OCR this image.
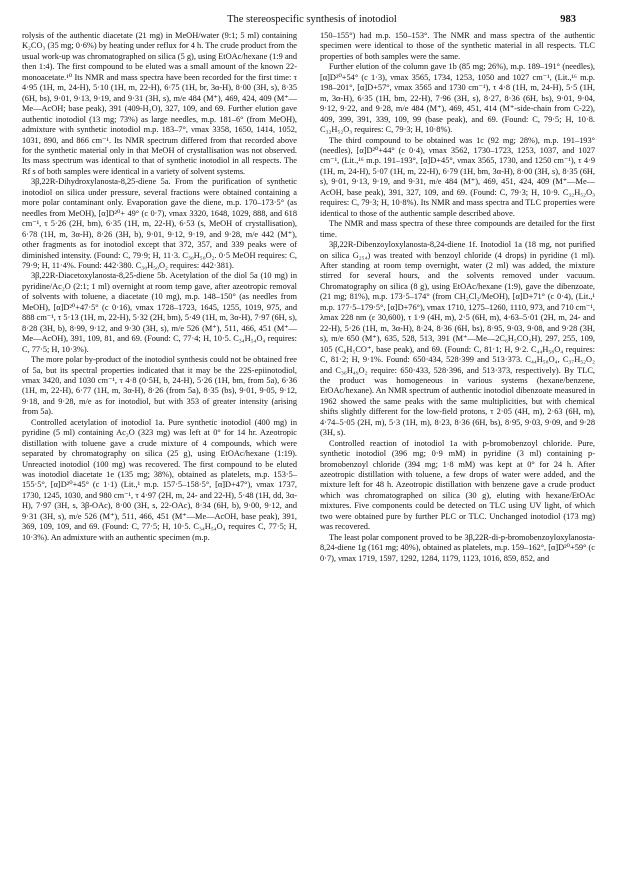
The stereospecific synthesis of inotodiol	983

rolysis of the authentic diacetate (21 mg) in MeOH/water (9:1; 5 ml) containing K₂CO₃ (35 mg; 0·6%) by heating under reflux for 4 h. The crude product from the usual work-up was chromatographed on silica (5 g), using EtOAc/hexane (1:9 and then 1:4). The first compound to be eluted was a small amount of the known 22-monoacetate.¹⁰ Its NMR and mass spectra have been recorded for the first time: τ 4·95 (1H, m, 24-H), 5·10 (1H, m, 22-H), 6·75 (1H, br, 3α-H), 8·00 (3H, s), 8·35 (6H, bs), 9·01, 9·13, 9·19, and 9·31 (3H, s), m/e 484 (M⁺), 469, 424, 409 (M⁺—Me—AcOH; base peak), 391 (409-H₂O), 327, 109, and 69. Further elution gave authentic inotodiol (13 mg; 73%) as large needles, m.p. 181–6° (from MeOH), admixture with synthetic inotodiol m.p. 183–7°, νmax 3358, 1650, 1414, 1052, 1031, 890, and 866 cm⁻¹. Its NMR spectrum differed from that recorded above for the synthetic material only in that MeOH of crystallisation was not observed. Its mass spectrum was identical to that of synthetic inotodiol in all respects. The Rf s of both samples were identical in a variety of solvent systems.

3β,22R-Dihydroxylanosta-8,25-diene 5a. From the purification of synthetic inotodiol on silica under pressure, several fractions were obtained containing a more polar contaminant only. Evaporation gave the diene, m.p. 170–173·5° (as needles from MeOH), [α]D²⁰+ 49° (c 0·7), νmax 3320, 1648, 1029, 888, and 618 cm⁻¹, τ 5·26 (2H, bm), 6·35 (1H, m, 22-H), 6·53 (s, MeOH of crystallisation), 6·78 (1H, m, 3α-H), 8·26 (3H, b), 9·01, 9·12, 9·19, and 9·28, m/e 442 (M⁺), other fragments as for inotodiol except that 372, 357, and 339 peaks were of diminished intensity. (Found: C, 79·9; H, 11·3. C₃₀H₅₀O₂. 0·5 MeOH requires: C, 79·9; H, 11·4%. Found: 442·380. C₃₀H₅₀O₂ requires: 442·381).

3β,22R-Diacetoxylanosta-8,25-diene 5b. Acetylation of the diol 5a (10 mg) in pyridine/Ac₂O (2:1; 1 ml) overnight at room temp gave, after azeotropic removal of solvents with toluene, a diacetate (10 mg), m.p. 148–150° (as needles from MeOH), [α]D²⁰+47·5° (c 0·16), νmax 1728–1723, 1645, 1255, 1019, 975, and 888 cm⁻¹, τ 5·13 (1H, m, 22-H), 5·32 (2H, bm), 5·49 (1H, m, 3α-H), 7·97 (6H, s), 8·28 (3H, b), 8·99, 9·12, and 9·30 (3H, s), m/e 526 (M⁺), 511, 466, 451 (M⁺—Me—AcOH), 391, 109, 81, and 69. (Found: C, 77·4; H, 10·5. C₃₄H₅₄O₄ requires: C, 77·5; H, 10·3%).

The more polar by-product of the inotodiol synthesis could not be obtained free of 5a, but its spectral properties indicated that it may be the 22S-epiinotodiol, νmax 3420, and 1030 cm⁻¹, τ 4·8 (0·5H, b, 24-H), 5·26 (1H, bm, from 5a), 6·36 (1H, m, 22-H), 6·77 (1H, m, 3α-H), 8·26 (from 5a), 8·35 (bs), 9·01, 9·05, 9·12, 9·18, and 9·28, m/e as for inotodiol, but with 353 of greater intensity (arising from 5a).

Controlled acetylation of inotodiol 1a. Pure synthetic inotodiol (400 mg) in pyridine (5 ml) containing Ac₂O (323 mg) was left at 0° for 14 hr. Azeotropic distillation with toluene gave a crude mixture of 4 compounds, which were separated by chromatography on silica (25 g), using EtOAc/hexane (1:19). Unreacted inotodiol (100 mg) was recovered. The first compound to be eluted was inotodiol diacetate 1e (135 mg; 38%), obtained as platelets, m.p. 153·5–155·5°, [α]D²⁰+45° (c 1·1) (Lit.,¹ m.p. 157·5–158·5°, [α]D+47°), νmax 1737, 1730, 1245, 1030, and 980 cm⁻¹, τ 4·97 (2H, m, 24- and 22-H), 5·48 (1H, dd, 3α-H), 7·97 (3H, s, 3β-OAc), 8·00 (3H, s, 22-OAc), 8·34 (6H, b), 9·00, 9·12, and 9·31 (3H, s), m/e 526 (M⁺), 511, 466, 451 (M⁺—Me—AcOH, base peak), 391, 369, 109, 109, and 69. (Found: C, 77·5; H, 10·5. C₃₄H₅₄O₄ requires C, 77·5; H, 10·3%). An admixture with an authentic specimen (m.p.

150–155°) had m.p. 150–153°. The NMR and mass spectra of the authentic specimen were identical to those of the synthetic material in all respects. TLC properties of both samples were the same.

Further elution of the column gave 1b (85 mg; 26%), m.p. 189–191° (needles), [α]D²⁰+54° (c 1·3), νmax 3565, 1734, 1253, 1050 and 1027 cm⁻¹, (Lit.,¹⁶ m.p. 198–201°, [α]D+57°, νmax 3565 and 1730 cm⁻¹), τ 4·8 (1H, m, 24-H), 5·5 (1H, m, 3α-H), 6·35 (1H, bm, 22-H), 7·96 (3H, s), 8·27, 8·36 (6H, bs), 9·01, 9·04, 9·12, 9·22, and 9·28, m/e 484 (M⁺), 469, 451, 414 (M⁺-side-chain from C-22), 409, 399, 391, 339, 109, 99 (base peak), and 69. (Found: C, 79·5; H, 10·8. C₃₂H₅₂O₃ requires: C, 79·3; H, 10·8%).

The third compound to be obtained was 1c (92 mg; 28%), m.p. 191–193° (needles), [α]D²⁰+44° (c 0·4), νmax 3562, 1730–1723, 1253, 1037, and 1027 cm⁻¹, (Lit.,¹⁶ m.p. 191–193°, [α]D+45°, νmax 3565, 1730, and 1250 cm⁻¹), τ 4·9 (1H, m, 24-H), 5·07 (1H, m, 22-H), 6·79 (1H, bm, 3α-H), 8·00 (3H, s), 8·35 (6H, s), 9·01, 9·13, 9·19, and 9·31, m/e 484 (M⁺), 469, 451, 424, 409 (M⁺—Me—AcOH, base peak), 391, 327, 109, and 69. (Found: C, 79·3; H, 10·9. C₃₂H₅₂O₃ requires: C, 79·3; H, 10·8%). Its NMR and mass spectra and TLC properties were identical to those of the authentic sample described above.

The NMR and mass spectra of these three compounds are detailed for the first time.

3β,22R-Dibenzoyloxylanosta-8,24-diene 1f. Inotodiol 1a (18 mg, not purified on silica G₂₅₄) was treated with benzoyl chloride (4 drops) in pyridine (1 ml). After standing at room temp overnight, water (2 ml) was added, the mixture stirred for several hours, and the solvents removed under vacuum. Chromatography on silica (8 g), using EtOAc/hexane (1:9), gave the dibenzoate, (21 mg; 81%), m.p. 173·5–174° (from CH₂Cl₂/MeOH), [α]D+71° (c 0·4), (Lit.,¹ m.p. 177·5–179·5°, [α]D+76°), νmax 1710, 1275–1260, 1110, 973, and 710 cm⁻¹, λmax 228 nm (ε 30,600), τ 1·9 (4H, m), 2·5 (6H, m), 4·63–5·01 (2H, m, 24- and 22-H), 5·26 (1H, m, 3α-H), 8·24, 8·36 (6H, bs), 8·95, 9·03, 9·08, and 9·28 (3H, s), m/e 650 (M⁺), 635, 528, 513, 391 (M⁺—Me—2C₆H₅CO₂H), 297, 255, 109, 105 (C₆H₅CO⁺, base peak), and 69. (Found: C, 81·1; H, 9·2. C₄₄H₅₈O₄ requires: C, 81·2; H, 9·1%. Found: 650·434, 528·399 and 513·373. C₄₄H₅₈O₄, C₃₇H₅₂O₂ and C₃₆H₄₉O₂ require: 650·433, 528·396, and 513·373, respectively). By TLC, the product was homogeneous in various systems (hexane/benzene, EtOAc/hexane). An NMR spectrum of authentic inotodiol dibenzoate measured in 1962 showed the same peaks with the same multiplicities, but with chemical shifts slightly different for the low-field protons, τ 2·05 (4H, m), 2·63 (6H, m), 4·74–5·05 (2H, m), 5·3 (1H, m), 8·23, 8·36 (6H, bs), 8·95, 9·03, 9·09, and 9·28 (3H, s).

Controlled reaction of inotodiol 1a with p-bromobenzoyl chloride. Pure, synthetic inotodiol (396 mg; 0·9 mM) in pyridine (3 ml) containing p-bromobenzoyl chloride (394 mg; 1·8 mM) was kept at 0° for 24 h. After azeotropic distillation with toluene, a few drops of water were added, and the mixture left for 48 h. Azeotropic distillation with benzene gave a crude product which was chromatographed on silica (30 g), eluting with hexane/EtOAc mixtures. Five components could be detected on TLC using UV light, of which two were obtained pure by further PLC or TLC. Unchanged inotodiol (173 mg) was recovered.

The least polar component proved to be 3β,22R-di-p-bromobenzoyloxylanosta-8,24-diene 1g (161 mg; 40%), obtained as platelets, m.p. 159–162°, [α]D²⁰+59° (c 0·7), νmax 1719, 1597, 1292, 1284, 1179, 1123, 1016, 859, 852, and
